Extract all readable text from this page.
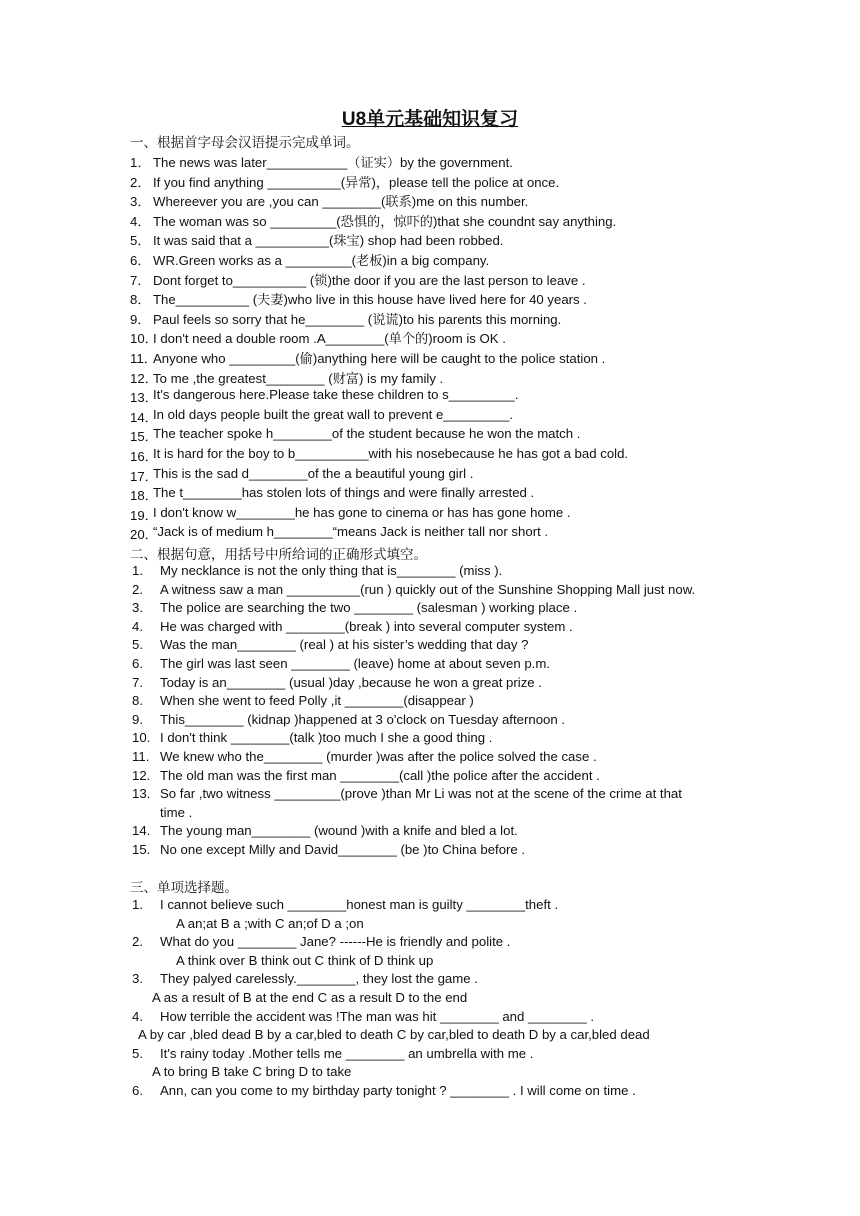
U8单元基础知识复习
一、根据首字母会汉语提示完成单词。
1． The news was later___________（证实）by the government.
2． If you find anything __________(异常)，please tell the police at once.
3． Whereever you are ,you can ________(联系)me on this number.
4． The woman was so _________(恐惧的，惊吓的)that she coundnt say anything.
5． It was said that a __________(珠宝) shop had been robbed.
6． WR.Green works as a _________(老板)in a big company.
7． Dont forget to__________ (锁)the door if you are the last person to leave .
8． The__________ (夫妻)who live in this house have lived here for 40 years .
9． Paul feels so sorry that he________ (说谎)to his parents this morning.
10．
I don't need a double room .A________(单个的)room is OK .
11．
Anyone who _________(偷)anything here will be caught to the police station .
12．
To me ,the greatest________ (财富) is my family .
13．
It's dangerous here.Please take these children to s_________.
14．
In old days people built the great wall to prevent e_________.
15．
The teacher spoke h________of the student because he won the match .
16．
It is hard for the boy to b__________with his nosebecause he has got a bad cold.
17．
This is the sad d________of the a beautiful young girl .
18．
The t________has stolen lots of things and were finally arrested .
19．
I don't know w________he has gone to cinema or has has gone home .
20．
“Jack is of medium h________“means Jack is neither tall nor short .
二、根据句意，用括号中所给词的正确形式填空。
1. My necklance is not the only thing that is________ (miss ).
2. A witness saw a man __________(run ) quickly out of the Sunshine Shopping Mall just now.
3. The police are searching the two ________ (salesman ) working place .
4. He was charged with ________(break ) into several computer system .
5. Was the man________ (real ) at his sister’s wedding that day ?
6. The girl was last seen ________ (leave) home at about seven p.m.
7. Today is an________ (usual )day ,because he won a great prize .
8. When she went to feed Polly ,it ________(disappear )
9. This________ (kidnap )happened at 3 o'clock on Tuesday afternoon .
10. I don't think ________(talk )too much I she a good thing .
11. We knew who the________ (murder )was after the police solved the case .
12. The old man was the first man ________(call )the police after the accident .
13. So far ,two witness _________(prove )than Mr Li was not at the scene of the crime at that
time .
14. The young man________ (wound )with a knife and bled a lot.
15. No one except Milly and David________ (be )to China before .
三、单项选择题。
1. I cannot believe such ________honest man is guilty ________theft .
A an;at B a ;with C an;of D a ;on
2. What do you ________ Jane? ------He is friendly and polite .
A think over B think out C think of D think up
3. They palyed carelessly.________, they lost the game .
A as a result of B at the end C as a result D to the end
4. How terrible the accident was !The man was hit ________ and ________ .
A by car ,bled dead B by a car,bled to death C by car,bled to death D by a car,bled dead
5. It's rainy today .Mother tells me ________ an umbrella with me .
A to bring B take C bring D to take
6. Ann, can you come to my birthday party tonight ? ________ . I will come on time .
